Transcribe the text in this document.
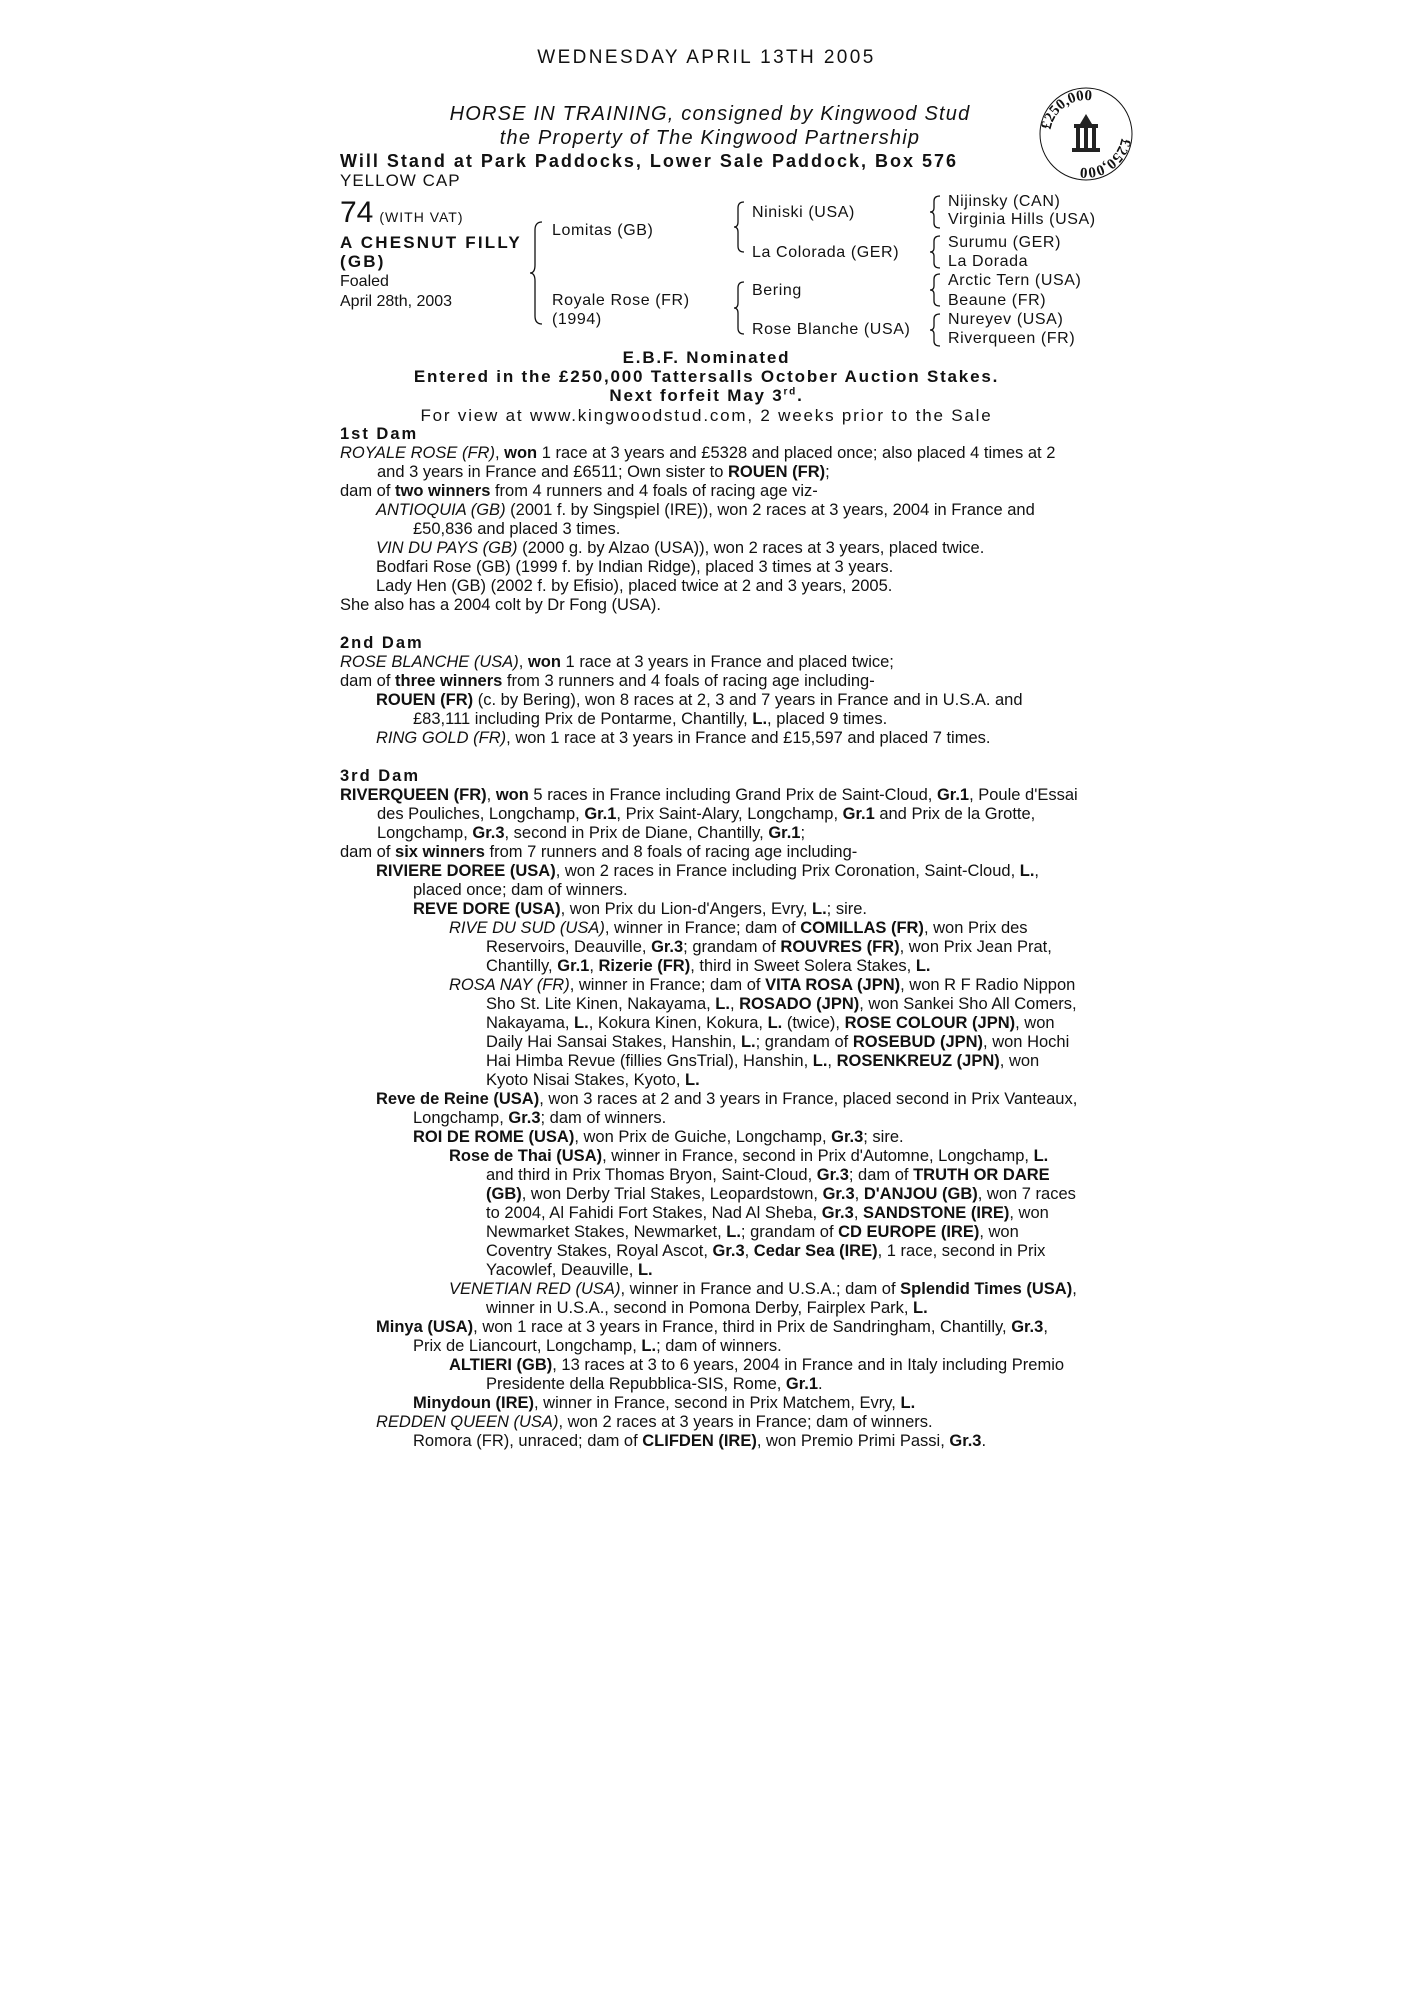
WEDNESDAY APRIL 13TH 2005
HORSE IN TRAINING, consigned by Kingwood Stud
the Property of The Kingwood Partnership
Will Stand at Park Paddocks, Lower Sale Paddock, Box 576
YELLOW CAP
£250,000
£250,000
74 (WITH VAT)
A CHESNUT FILLY
(GB)
Foaled
April 28th, 2003
Lomitas (GB)
Royale Rose (FR)
(1994)
Niniski (USA)
La Colorada (GER)
Bering
Rose Blanche (USA)
Nijinsky (CAN)
Virginia Hills (USA)
Surumu (GER)
La Dorada
Arctic Tern (USA)
Beaune (FR)
Nureyev (USA)
Riverqueen (FR)
E.B.F. Nominated
Entered in the £250,000 Tattersalls October Auction Stakes.
Next forfeit May 3rd.
For view at www.kingwoodstud.com, 2 weeks prior to the Sale

1st Dam

ROYALE ROSE (FR), won 1 race at 3 years and £5328 and placed once; also placed 4 times at 2 and 3 years in France and £6511; Own sister to ROUEN (FR);

dam of two winners from 4 runners and 4 foals of racing age viz-

ANTIOQUIA (GB) (2001 f. by Singspiel (IRE)), won 2 races at 3 years, 2004 in France and £50,836 and placed 3 times.

VIN DU PAYS (GB) (2000 g. by Alzao (USA)), won 2 races at 3 years, placed twice.

Bodfari Rose (GB) (1999 f. by Indian Ridge), placed 3 times at 3 years.

Lady Hen (GB) (2002 f. by Efisio), placed twice at 2 and 3 years, 2005.

She also has a 2004 colt by Dr Fong (USA).

2nd Dam

ROSE BLANCHE (USA), won 1 race at 3 years in France and placed twice;

dam of three winners from 3 runners and 4 foals of racing age including-

ROUEN (FR) (c. by Bering), won 8 races at 2, 3 and 7 years in France and in U.S.A. and £83,111 including Prix de Pontarme, Chantilly, L., placed 9 times.

RING GOLD (FR), won 1 race at 3 years in France and £15,597 and placed 7 times.

3rd Dam

RIVERQUEEN (FR), won 5 races in France including Grand Prix de Saint-Cloud, Gr.1, Poule d'Essai des Pouliches, Longchamp, Gr.1, Prix Saint-Alary, Longchamp, Gr.1 and Prix de la Grotte, Longchamp, Gr.3, second in Prix de Diane, Chantilly, Gr.1;

dam of six winners from 7 runners and 8 foals of racing age including-

RIVIERE DOREE (USA), won 2 races in France including Prix Coronation, Saint-Cloud, L., placed once; dam of winners.

REVE DORE (USA), won Prix du Lion-d'Angers, Evry, L.; sire.

RIVE DU SUD (USA), winner in France; dam of COMILLAS (FR), won Prix des Reservoirs, Deauville, Gr.3; grandam of ROUVRES (FR), won Prix Jean Prat, Chantilly, Gr.1, Rizerie (FR), third in Sweet Solera Stakes, L.

ROSA NAY (FR), winner in France; dam of VITA ROSA (JPN), won R F Radio Nippon Sho St. Lite Kinen, Nakayama, L., ROSADO (JPN), won Sankei Sho All Comers, Nakayama, L., Kokura Kinen, Kokura, L. (twice), ROSE COLOUR (JPN), won Daily Hai Sansai Stakes, Hanshin, L.; grandam of ROSEBUD (JPN), won Hochi Hai Himba Revue (fillies GnsTrial), Hanshin, L., ROSENKREUZ (JPN), won Kyoto Nisai Stakes, Kyoto, L.

Reve de Reine (USA), won 3 races at 2 and 3 years in France, placed second in Prix Vanteaux, Longchamp, Gr.3; dam of winners.

ROI DE ROME (USA), won Prix de Guiche, Longchamp, Gr.3; sire.

Rose de Thai (USA), winner in France, second in Prix d'Automne, Longchamp, L. and third in Prix Thomas Bryon, Saint-Cloud, Gr.3; dam of TRUTH OR DARE (GB), won Derby Trial Stakes, Leopardstown, Gr.3, D'ANJOU (GB), won 7 races to 2004, Al Fahidi Fort Stakes, Nad Al Sheba, Gr.3, SANDSTONE (IRE), won Newmarket Stakes, Newmarket, L.; grandam of CD EUROPE (IRE), won Coventry Stakes, Royal Ascot, Gr.3, Cedar Sea (IRE), 1 race, second in Prix Yacowlef, Deauville, L.

VENETIAN RED (USA), winner in France and U.S.A.; dam of Splendid Times (USA), winner in U.S.A., second in Pomona Derby, Fairplex Park, L.

Minya (USA), won 1 race at 3 years in France, third in Prix de Sandringham, Chantilly, Gr.3, Prix de Liancourt, Longchamp, L.; dam of winners.

ALTIERI (GB), 13 races at 3 to 6 years, 2004 in France and in Italy including Premio Presidente della Repubblica-SIS, Rome, Gr.1.

Minydoun (IRE), winner in France, second in Prix Matchem, Evry, L.

REDDEN QUEEN (USA), won 2 races at 3 years in France; dam of winners.

Romora (FR), unraced; dam of CLIFDEN (IRE), won Premio Primi Passi, Gr.3.
